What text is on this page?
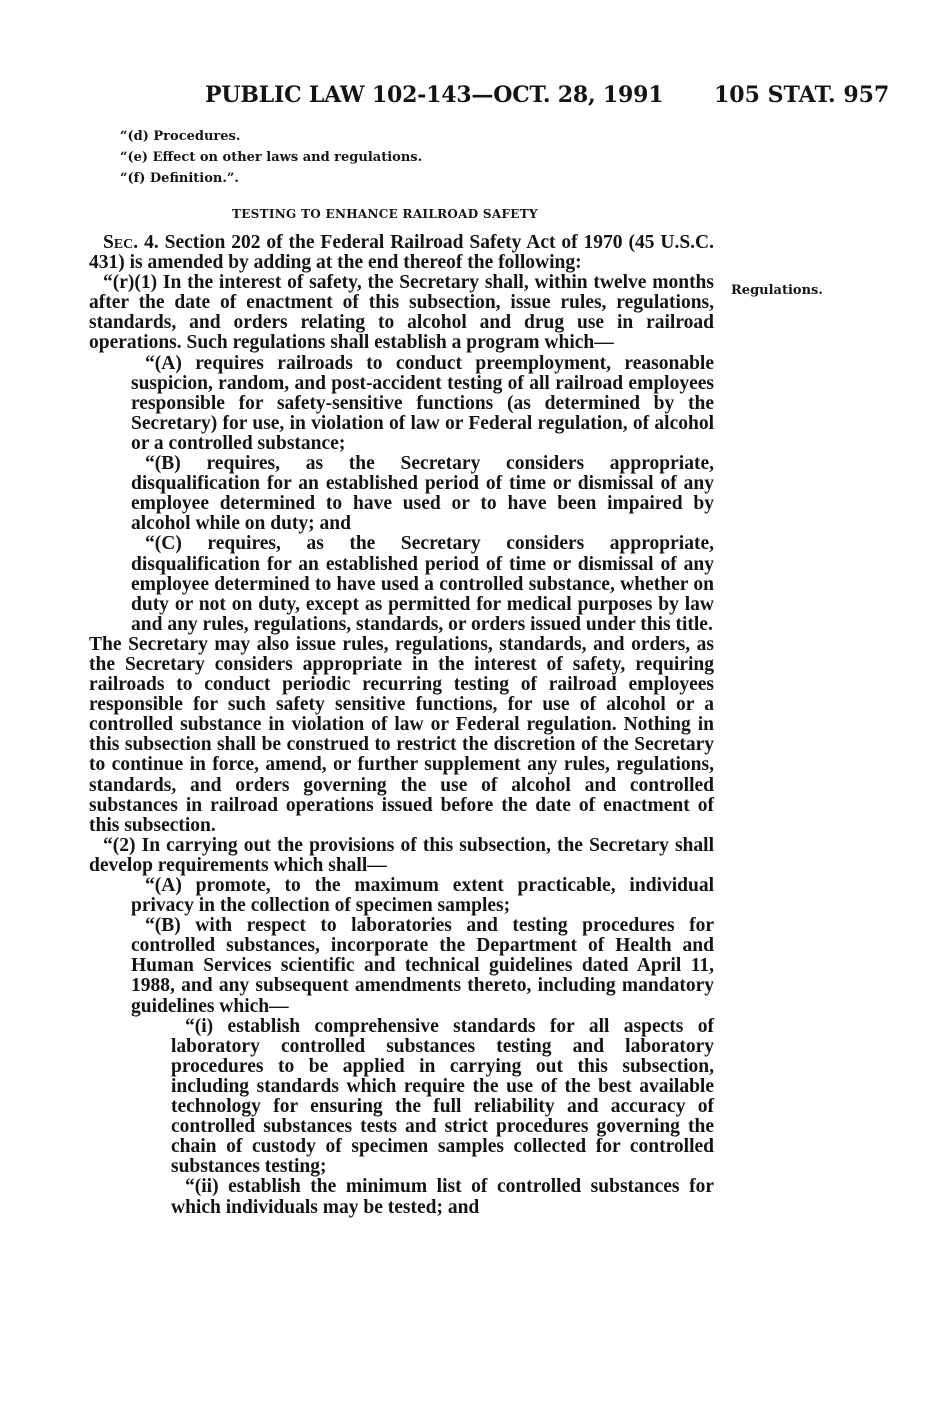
PUBLIC LAW 102-143—OCT. 28, 1991 105 STAT. 957
“(d) Procedures.
“(e) Effect on other laws and regulations.
“(f) Definition.”.
TESTING TO ENHANCE RAILROAD SAFETY
Regulations.

Sec. 4. Section 202 of the Federal Railroad Safety Act of 1970 (45 U.S.C. 431) is amended by adding at the end thereof the following:

“(r)(1) In the interest of safety, the Secretary shall, within twelve months after the date of enactment of this subsection, issue rules, regulations, standards, and orders relating to alcohol and drug use in railroad operations. Such regulations shall establish a program which—

“(A) requires railroads to conduct preemployment, reasonable suspicion, random, and post-accident testing of all railroad employees responsible for safety-sensitive functions (as determined by the Secretary) for use, in violation of law or Federal regulation, of alcohol or a controlled substance;

“(B) requires, as the Secretary considers appropriate, disqualification for an established period of time or dismissal of any employee determined to have used or to have been impaired by alcohol while on duty; and

“(C) requires, as the Secretary considers appropriate, disqualification for an established period of time or dismissal of any employee determined to have used a controlled substance, whether on duty or not on duty, except as permitted for medical purposes by law and any rules, regulations, standards, or orders issued under this title.

The Secretary may also issue rules, regulations, standards, and orders, as the Secretary considers appropriate in the interest of safety, requiring railroads to conduct periodic recurring testing of railroad employees responsible for such safety sensitive functions, for use of alcohol or a controlled substance in violation of law or Federal regulation. Nothing in this subsection shall be construed to restrict the discretion of the Secretary to continue in force, amend, or further supplement any rules, regulations, standards, and orders governing the use of alcohol and controlled substances in railroad operations issued before the date of enactment of this subsection.

“(2) In carrying out the provisions of this subsection, the Secretary shall develop requirements which shall—

“(A) promote, to the maximum extent practicable, individual privacy in the collection of specimen samples;

“(B) with respect to laboratories and testing procedures for controlled substances, incorporate the Department of Health and Human Services scientific and technical guidelines dated April 11, 1988, and any subsequent amendments thereto, including mandatory guidelines which—

“(i) establish comprehensive standards for all aspects of laboratory controlled substances testing and laboratory procedures to be applied in carrying out this subsection, including standards which require the use of the best available technology for ensuring the full reliability and accuracy of controlled substances tests and strict procedures governing the chain of custody of specimen samples collected for controlled substances testing;

“(ii) establish the minimum list of controlled substances for which individuals may be tested; and
